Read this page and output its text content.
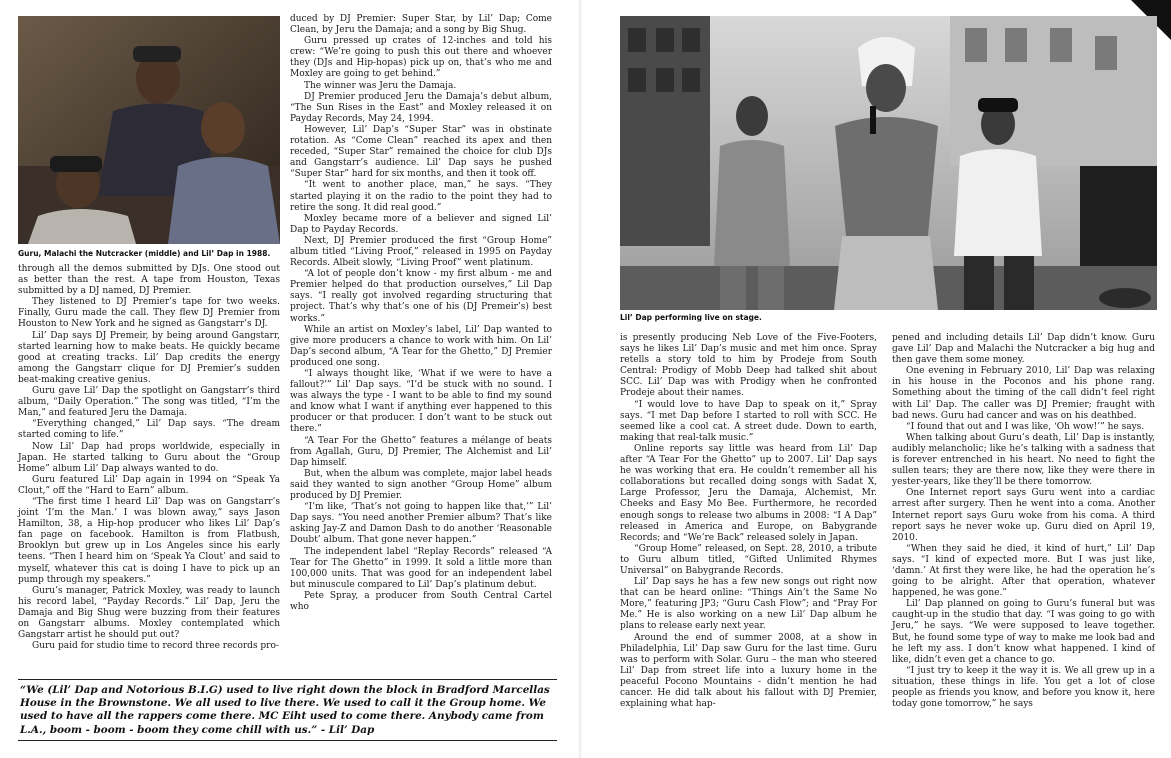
Guru, Malachi the Nutcracker (middle) and Lil’ Dap in 1988.

through all the demos submitted by DJs. One stood out as better than the rest. A tape from Houston, Texas submitted by a DJ named, DJ Premier.

They listened to DJ Premier’s tape for two weeks. Finally, Guru made the call. They flew DJ Premier from Houston to New York and he signed as Gangstarr’s DJ.

Lil’ Dap says DJ Premeir, by being around Gangstarr, started learning how to make beats. He quickly became good at creating tracks. Lil’ Dap credits the energy among the Gangstarr clique for DJ Premier’s sudden beat-making creative genius.

Guru gave Lil’ Dap the spotlight on Gangstarr’s third album, “Daily Operation.” The song was titled, “I’m the Man,” and featured Jeru the Damaja.

“Everything changed,” Lil’ Dap says. “The dream started coming to life.”

Now Lil’ Dap had props worldwide, especially in Japan. He started talking to Guru about the “Group Home” album Lil’ Dap always wanted to do.

Guru featured Lil’ Dap again in 1994 on “Speak Ya Clout,” off the “Hard to Earn” album.

“The first time I heard Lil’ Dap was on Gangstarr’s joint ‘I’m the Man.’ I was blown away,” says Jason Hamilton, 38, a Hip-hop producer who likes Lil’ Dap’s fan page on facebook. Hamilton is from Flatbush, Brooklyn but grew up in Los Angeles since his early teens. “Then I heard him on ‘Speak Ya Clout’ and said to myself, whatever this cat is doing I have to pick up an pump through my speakers.”

Guru’s manager, Patrick Moxley, was ready to launch his record label, “Payday Records.” Lil’ Dap, Jeru the Damaja and Big Shug were buzzing from their features on Gangstarr albums. Moxley contemplated which Gangstarr artist he should put out?

Guru paid for studio time to record three records pro-

duced by DJ Premier: Super Star, by Lil’ Dap; Come Clean, by Jeru the Damaja; and a song by Big Shug.

Guru pressed up crates of 12-inches and told his crew: “We’re going to push this out there and whoever they (DJs and Hip-hopas) pick up on, that’s who me and Moxley are going to get behind.”

The winner was Jeru the Damaja.

DJ Premier produced Jeru the Damaja’s debut album, “The Sun Rises in the East” and Moxley released it on Payday Records, May 24, 1994.

However, Lil’ Dap’s “Super Star” was in obstinate rotation. As “Come Clean” reached its apex and then receded, “Super Star” remained the choice for club DJs and Gangstarr’s audience. Lil’ Dap says he pushed “Super Star” hard for six months, and then it took off.

“It went to another place, man,” he says. “They started playing it on the radio to the point they had to retire the song. It did real good.”

Moxley became more of a believer and signed Lil’ Dap to Payday Records.

Next, DJ Premier produced the first “Group Home” album titled “Living Proof,” released in 1995 on Payday Records. Albeit slowly, “Living Proof” went platinum.

“A lot of people don’t know - my first album - me and Premier helped do that production ourselves,” Lil Dap says. “I really got involved regarding structuring that project. That’s why that’s one of his (DJ Premeir’s) best works.”

While an artist on Moxley’s label, Lil’ Dap wanted to give more producers a chance to work with him. On Lil’ Dap’s second album, “A Tear for the Ghetto,” DJ Premier produced one song.

“I always thought like, ‘What if we were to have a fallout?’” Lil’ Dap says. “I’d be stuck with no sound. I was always the type - I want to be able to find my sound and know what I want if anything ever happened to this producer or that producer. I don’t want to be stuck out there.”

“A Tear For the Ghetto” features a mélange of beats from Agallah, Guru, DJ Premier, The Alchemist and Lil’ Dap himself.

But, when the album was complete, major label heads said they wanted to sign another “Group Home” album produced by DJ Premier.

“I’m like, ‘That’s not going to happen like that,’” Lil’ Dap says. “You need another Premier album? That’s like asking Jay-Z and Damon Dash to do another ‘Reasonable Doubt’ album. That gone never happen.”

The independent label “Replay Records” released “A Tear for The Ghetto” in 1999. It sold a little more than 100,000 units. That was good for an independent label but minuscule compared to Lil’ Dap’s platinum debut.

Pete Spray, a producer from South Central Cartel who

“We (Lil’ Dap and Notorious B.I.G) used to live right down the block in Bradford Marcellas House in the Brownstone. We all used to live there. We used to call it the Group home. We used to have all the rappers come there. MC Eiht used to come there. Anybody came from L.A., boom - boom - boom they come chill with us.” - Lil’ Dap
Lil’ Dap performing live on stage.

is presently producing Neb Love of the Five-Footers, says he likes Lil’ Dap’s music and met him once. Spray retells a story told to him by Prodeje from South Central: Prodigy of Mobb Deep had talked shit about SCC. Lil’ Dap was with Prodigy when he confronted Prodeje about their names.

“I would love to have Dap to speak on it,” Spray says. “I met Dap before I started to roll with SCC. He seemed like a cool cat. A street dude. Down to earth, making that real-talk music.”

Online reports say little was heard from Lil’ Dap after “A Tear For the Ghetto” up to 2007. Lil’ Dap says he was working that era. He couldn’t remember all his collaborations but recalled doing songs with Sadat X, Large Professor, Jeru the Damaja, Alchemist, Mr. Cheeks and Easy Mo Bee. Furthermore, he recorded enough songs to release two albums in 2008: “I A Dap” released in America and Europe, on Babygrande Records; and “We’re Back” released solely in Japan.

“Group Home” released, on Sept. 28, 2010, a tribute to Guru album titled, “Gifted Unlimited Rhymes Universal” on Babygrande Records.

Lil’ Dap says he has a few new songs out right now that can be heard online: “Things Ain’t the Same No More,” featuring JP3; “Guru Cash Flow”; and “Pray For Me.” He is also working on a new Lil’ Dap album he plans to release early next year.

Around the end of summer 2008, at a show in Philadelphia, Lil’ Dap saw Guru for the last time. Guru was to perform with Solar. Guru – the man who steered Lil’ Dap from street life into a luxury home in the peaceful Pocono Mountains - didn’t mention he had cancer. He did talk about his fallout with DJ Premier, explaining what hap-

pened and including details Lil’ Dap didn’t know. Guru gave Lil’ Dap and Malachi the Nutcracker a big hug and then gave them some money.

One evening in February 2010, Lil’ Dap was relaxing in his house in the Poconos and his phone rang. Something about the timing of the call didn’t feel right with Lil’ Dap. The caller was DJ Premier; fraught with bad news. Guru had cancer and was on his deathbed.

“I found that out and I was like, ‘Oh wow!’” he says.

When talking about Guru’s death, Lil’ Dap is instantly, audibly melancholic; like he’s talking with a sadness that is forever entrenched in his heart. No need to fight the sullen tears; they are there now, like they were there in yester-years, like they’ll be there tomorrow.

One Internet report says Guru went into a cardiac arrest after surgery. Then he went into a coma. Another Internet report says Guru woke from his coma. A third report says he never woke up. Guru died on April 19, 2010.

“When they said he died, it kind of hurt,” Lil’ Dap says. “I kind of expected more. But I was just like, ‘damn.’ At first they were like, he had the operation he’s going to be alright. After that operation, whatever happened, he was gone.”

Lil’ Dap planned on going to Guru’s funeral but was caught-up in the studio that day. “I was going to go with Jeru,” he says. “We were supposed to leave together. But, he found some type of way to make me look bad and he left my ass. I don’t know what happened. I kind of like, didn’t even get a chance to go.

“I just try to keep it the way it is. We all grew up in a situation, these things in life. You get a lot of close people as friends you know, and before you know it, here today gone tomorrow,” he says
